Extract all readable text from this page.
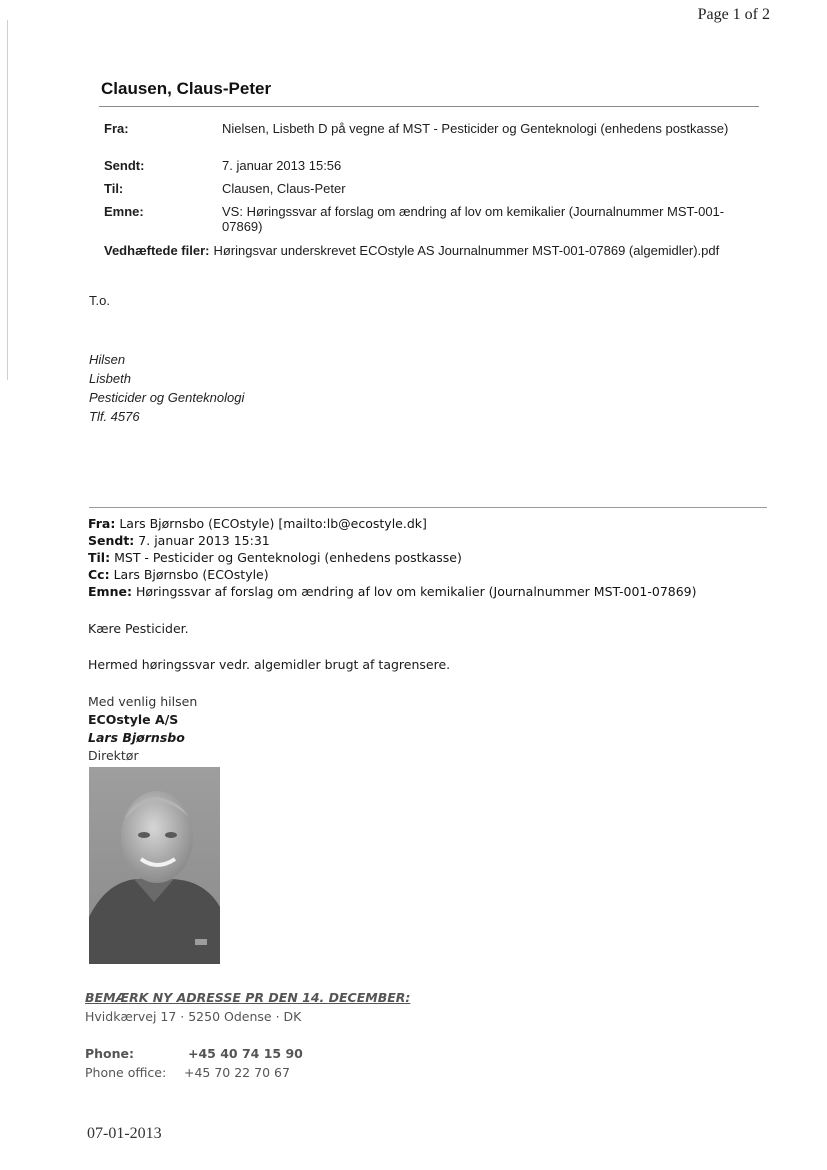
Page 1 of 2
Clausen, Claus-Peter
Fra:	Nielsen, Lisbeth D på vegne af MST - Pesticider og Genteknologi (enhedens postkasse)
Sendt:	7. januar 2013 15:56
Til:	Clausen, Claus-Peter
Emne:	VS: Høringssvar af forslag om ændring af lov om kemikalier (Journalnummer MST-001-07869)
Vedhæftede filer: Høringsvar underskrevet ECOstyle AS Journalnummer MST-001-07869 (algemidler).pdf
T.o.
Hilsen
Lisbeth
Pesticider og Genteknologi
Tlf. 4576
Fra: Lars Bjørnsbo (ECOstyle) [mailto:lb@ecostyle.dk]
Sendt: 7. januar 2013 15:31
Til: MST - Pesticider og Genteknologi (enhedens postkasse)
Cc: Lars Bjørnsbo (ECOstyle)
Emne: Høringssvar af forslag om ændring af lov om kemikalier (Journalnummer MST-001-07869)
Kære Pesticider.
Hermed høringssvar vedr. algemidler brugt af tagrensere.
Med venlig hilsen
ECOstyle A/S
Lars Bjørnsbo
Direktør
BEMÆRK NY ADRESSE PR DEN 14. DECEMBER:
Hvidkærvej 17 · 5250 Odense · DK
Phone:	+45 40 74 15 90
Phone office:	+45 70 22 70 67
07-01-2013
